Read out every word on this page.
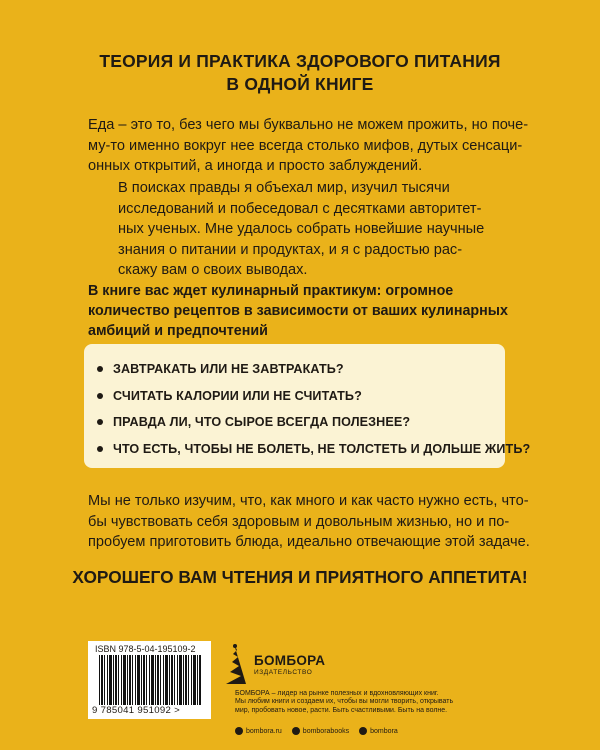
ТЕОРИЯ И ПРАКТИКА ЗДОРОВОГО ПИТАНИЯ
В ОДНОЙ КНИГЕ
Еда – это то, без чего мы буквально не можем прожить, но поче-
му-то именно вокруг нее всегда столько мифов, дутых сенсаци-
онных открытий, а иногда и просто заблуждений.
В поисках правды я объехал мир, изучил тысячи
исследований и побеседовал с десятками авторитет-
ных ученых. Мне удалось собрать новейшие научные
знания о питании и продуктах, и я с радостью рас-
скажу вам о своих выводах.
В книге вас ждет кулинарный практикум: огромное
количество рецептов в зависимости от ваших кулинарных
амбиций и предпочтений
ЗАВТРАКАТЬ ИЛИ НЕ ЗАВТРАКАТЬ?
СЧИТАТЬ КАЛОРИИ ИЛИ НЕ СЧИТАТЬ?
ПРАВДА ЛИ, ЧТО СЫРОЕ ВСЕГДА ПОЛЕЗНЕЕ?
ЧТО ЕСТЬ, ЧТОБЫ НЕ БОЛЕТЬ, НЕ ТОЛСТЕТЬ И ДОЛЬШЕ ЖИТЬ?
Мы не только изучим, что, как много и как часто нужно есть, что-
бы чувствовать себя здоровым и довольным жизнью, но и по-
пробуем приготовить блюда, идеально отвечающие этой задаче.
ХОРОШЕГО ВАМ ЧТЕНИЯ И ПРИЯТНОГО АППЕТИТА!
ISBN 978-5-04-195109-2
9 785041 951092 >
БОМБОРА
ИЗДАТЕЛЬСТВО
БОМБОРА – лидер на рынке полезных и вдохновляющих книг.
Мы любим книги и создаем их, чтобы вы могли творить, открывать
мир, пробовать новое, расти. Быть счастливыми. Быть на волне.
bombora.ru	bomborabooks	bombora
